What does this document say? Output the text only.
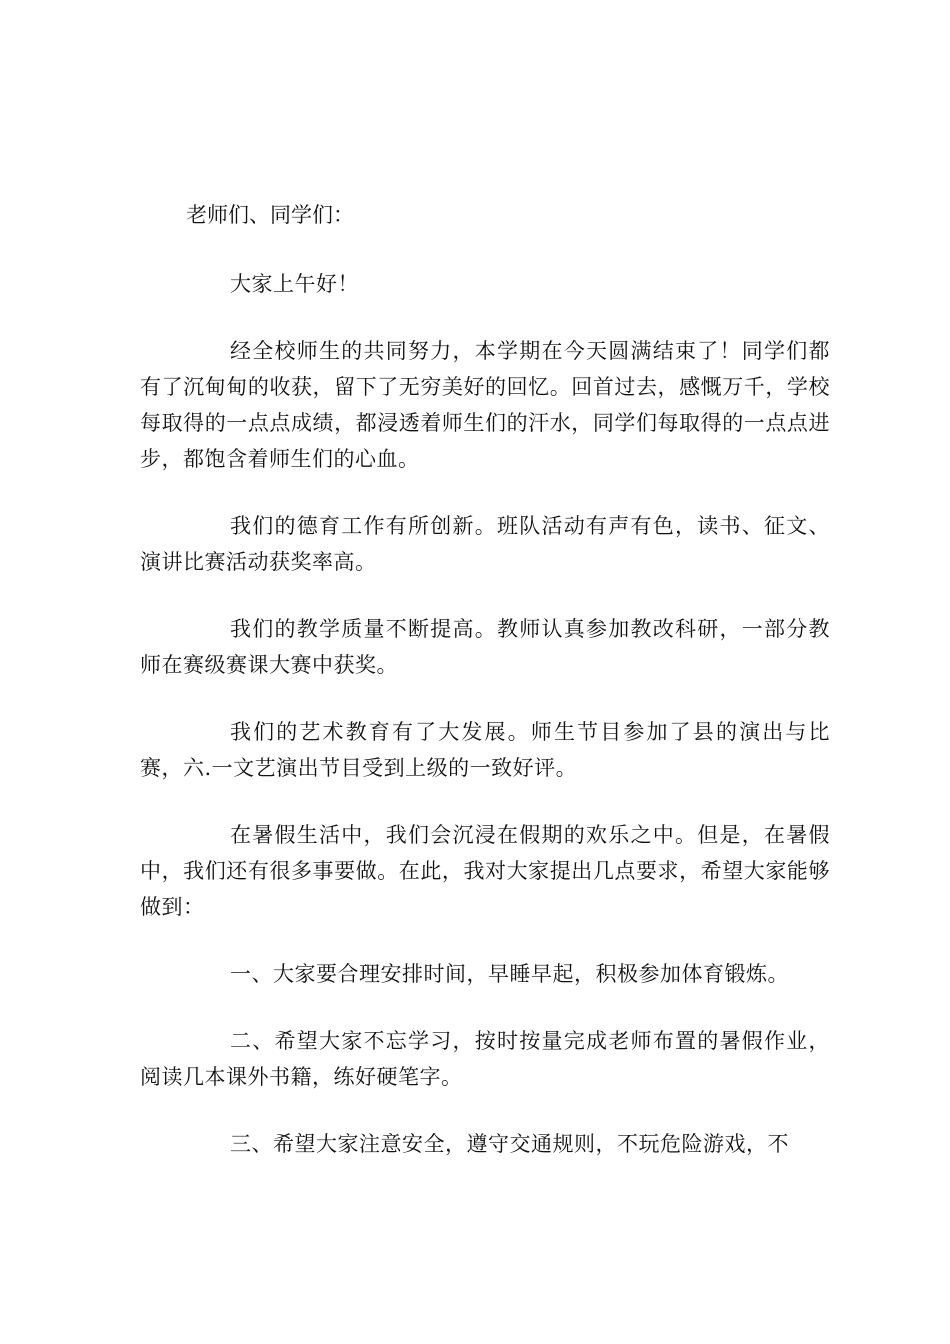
老师们、同学们：

大家上午好！

经全校师生的共同努力，本学期在今天圆满结束了！同学们都有了沉甸甸的收获，留下了无穷美好的回忆。回首过去，感慨万千，学校每取得的一点点成绩，都浸透着师生们的汗水，同学们每取得的一点点进步，都饱含着师生们的心血。

我们的德育工作有所创新。班队活动有声有色，读书、征文、演讲比赛活动获奖率高。

我们的教学质量不断提高。教师认真参加教改科研，一部分教师在赛级赛课大赛中获奖。

我们的艺术教育有了大发展。师生节目参加了县的演出与比赛，六.一文艺演出节目受到上级的一致好评。

在暑假生活中，我们会沉浸在假期的欢乐之中。但是，在暑假中，我们还有很多事要做。在此，我对大家提出几点要求，希望大家能够做到：

一、大家要合理安排时间，早睡早起，积极参加体育锻炼。

二、希望大家不忘学习，按时按量完成老师布置的暑假作业，阅读几本课外书籍，练好硬笔字。

三、希望大家注意安全，遵守交通规则，不玩危险游戏，不
